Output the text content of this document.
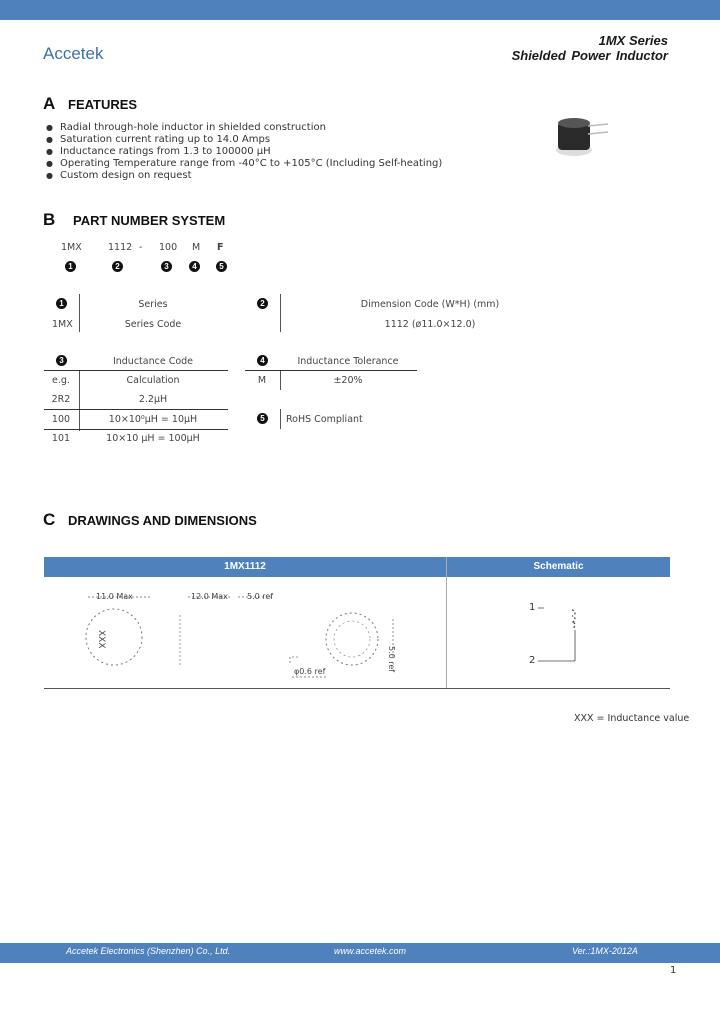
Accetek
1MX Series
Shielded Power Inductor
A FEATURES
● Radial through-hole inductor in shielded construction
● Saturation current rating up to 14.0 Amps
● Inductance ratings from 1.3 to 100000 μH
● Operating Temperature range from -40°C to +105°C (Including Self-heating)
● Custom design on request
B PART NUMBER SYSTEM
1MX	1112 - 100 M F
1	2	3	4	5
1	Series
1MX	Series Code
2	Dimension Code (W*H) (mm)
1112 (ø11.0×12.0)
3	Inductance Code
e.g.	Calculation
2R2	2.2μH
100	10×10⁰μH = 10μH
101	10×10 μH = 100μH
4	Inductance Tolerance
M	±20%
5	RoHS Compliant
C DRAWINGS AND DIMENSIONS
1MX1112	Schematic
11.0 Max	12.0 Max 5.0 ref
φ0.6 ref	5.0 ref
XXX
1
2
XXX = Inductance value
Accetek Electronics (Shenzhen) Co., Ltd.	www.accetek.com	Ver.:1MX-2012A
1
